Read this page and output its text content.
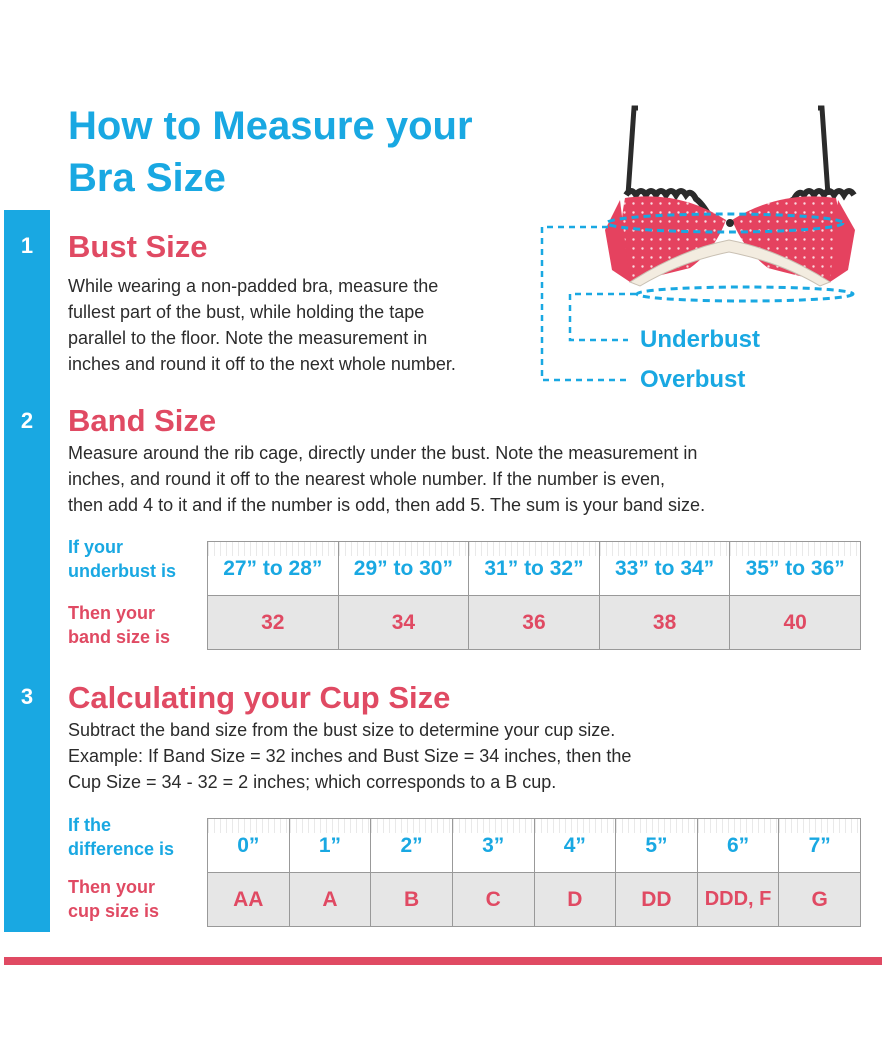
How to Measure your
Bra Size
1
2
3
Bust Size
While wearing a non-padded bra, measure the
fullest part of the bust, while holding the tape
parallel to the floor. Note the measurement in
inches and round it off to the next whole number.
Underbust
Overbust
Band Size
Measure around the rib cage, directly under the bust. Note the measurement in
inches, and round it off to the nearest whole number. If the number is even,
then add 4 to it and if the number is odd, then add 5. The sum is your band size.
If your
underbust is
Then your
band size is
27” to 28”	29” to 30”	31” to 32”	33” to 34”	35” to 36”
32	34	36	38	40
Calculating your Cup Size
Subtract the band size from the bust size to determine your cup size.
Example: If Band Size = 32 inches and Bust Size = 34 inches, then the
Cup Size = 34 - 32 = 2 inches; which corresponds to a B cup.
If the
difference is
Then your
cup size is
0”	1”	2”	3”	4”	5”	6”	7”
AA	A	B	C	D	DD	DDD, F	G
